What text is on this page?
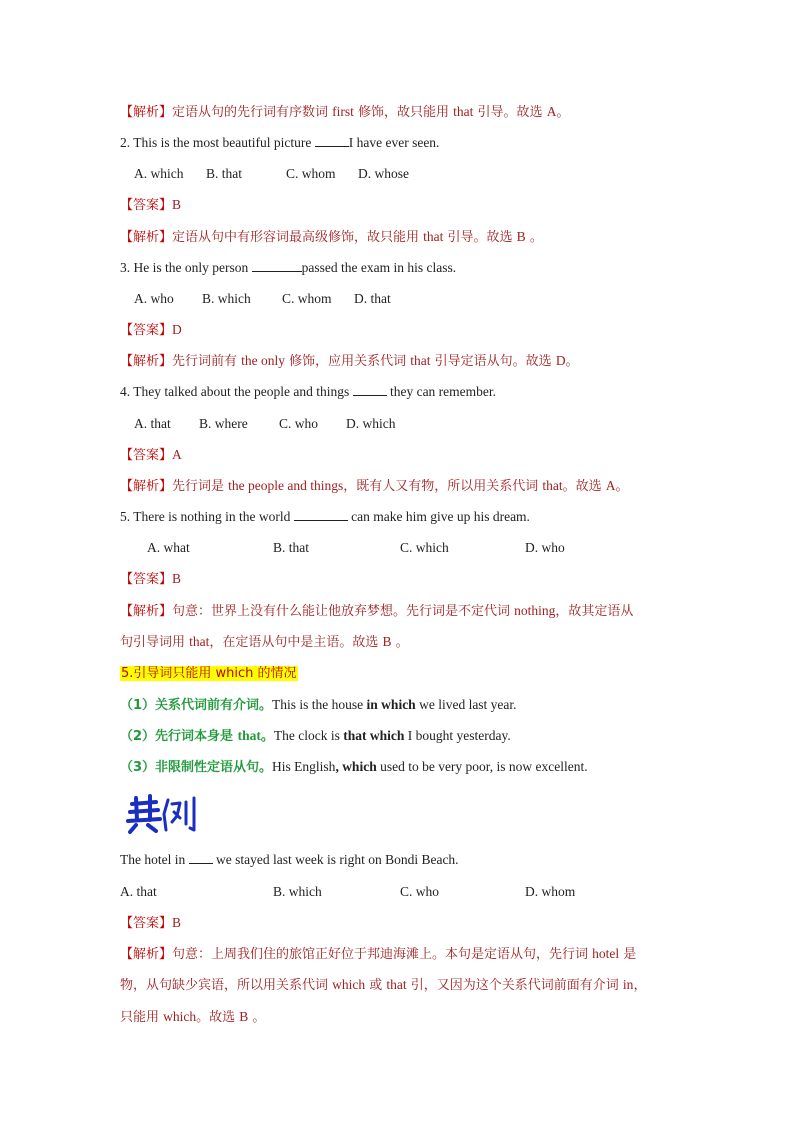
【解析】定语从句的先行词有序数词 first 修饰，故只能用 that 引导。故选 A。
2. This is the most beautiful picture	I have ever seen.
A. which B. that	C. whom D. whose
【答案】B
【解析】定语从句中有形容词最高级修饰，故只能用 that 引导。故选 B 。
3. He is the only person	passed the exam in his class.
A. who B. which C. whom D. that
【答案】D
【解析】先行词前有 the only 修饰，应用关系代词 that 引导定语从句。故选 D。
4. They talked about the people and things	they can remember.
A. that B. where C. who D. which
【答案】A
【解析】先行词是 the people and things，既有人又有物，所以用关系代词 that。故选 A。
5. There is nothing in the world	can make him give up his dream.
A. what	B. that	C. which	D. who
【答案】B
【解析】句意：世界上没有什么能让他放弃梦想。先行词是不定代词 nothing，故其定语从
句引导词用 that，在定语从句中是主语。故选 B 。
5.引导词只能用 which 的情况
（1）关系代词前有介词。This is the house in which we lived last year.
（2）先行词本身是 that。The clock is that which I bought yesterday.
（3）非限制性定语从句。His English, which used to be very poor, is now excellent.
The hotel in  we stayed last week is right on Bondi Beach.
A. that	B. which	C. who	D. whom
【答案】B
【解析】句意：上周我们住的旅馆正好位于邦迪海滩上。本句是定语从句，先行词 hotel 是
物，从句缺少宾语，所以用关系代词 which 或 that 引，又因为这个关系代词前面有介词 in，
只能用 which。故选 B 。
